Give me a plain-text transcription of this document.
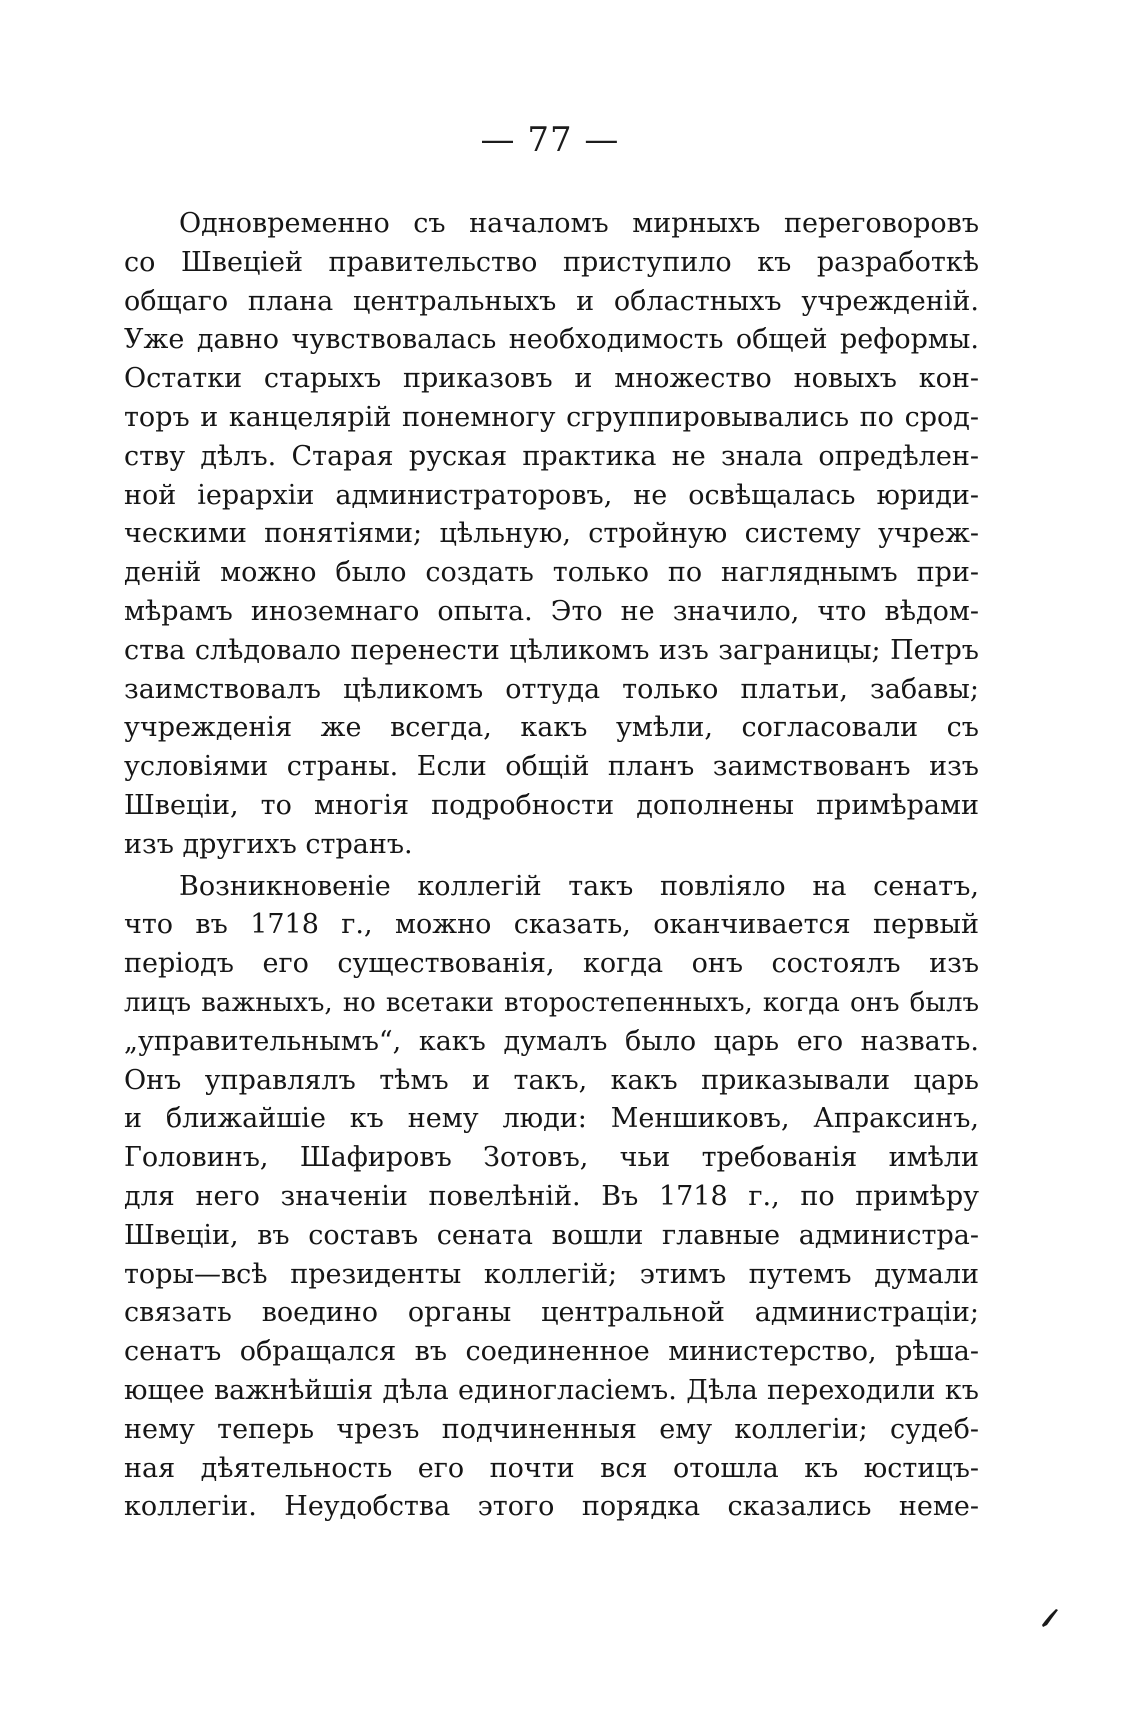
— 77 —
Одновременно съ началомъ мирныхъ переговоровъ
со Швеціей правительство приступило къ разработкѣ
общаго плана центральныхъ и областныхъ учрежденій.
Уже давно чувствовалась необходимость общей реформы.
Остатки старыхъ приказовъ и множество новыхъ кон-
торъ и канцелярій понемногу сгруппировывались по срод-
ству дѣлъ. Старая руская практика не знала опредѣлен-
ной іерархіи администраторовъ, не освѣщалась юриди-
ческими понятіями; цѣльную, стройную систему учреж-
деній можно было создать только по нагляднымъ при-
мѣрамъ иноземнаго опыта. Это не значило, что вѣдом-
ства слѣдовало перенести цѣликомъ изъ заграницы; Петръ
заимствовалъ цѣликомъ оттуда только платьи, забавы;
учрежденія же всегда, какъ умѣли, согласовали съ
условіями страны. Если общій планъ заимствованъ изъ
Швеціи, то многія подробности дополнены примѣрами
изъ другихъ странъ.
Возникновеніе коллегій такъ повліяло на сенатъ,
что въ 1718 г., можно сказать, оканчивается первый
періодъ его существованія, когда онъ состоялъ изъ
лицъ важныхъ, но всетаки второстепенныхъ, когда онъ былъ
„управительнымъ“, какъ думалъ было царь его назвать.
Онъ управлялъ тѣмъ и такъ, какъ приказывали царь
и ближайшіе къ нему люди: Меншиковъ, Апраксинъ,
Головинъ, Шафировъ Зотовъ, чьи требованія имѣли
для него значеніи повелѣній. Въ 1718 г., по примѣру
Швеціи, въ составъ сената вошли главные администра-
торы—всѣ президенты коллегій; этимъ путемъ думали
связать воедино органы центральной администраціи;
сенатъ обращался въ соединенное министерство, рѣша-
ющее важнѣйшія дѣла единогласіемъ. Дѣла переходили къ
нему теперь чрезъ подчиненныя ему коллегіи; судеб-
ная дѣятельность его почти вся отошла къ юстицъ-
коллегіи. Неудобства этого порядка сказались неме-
